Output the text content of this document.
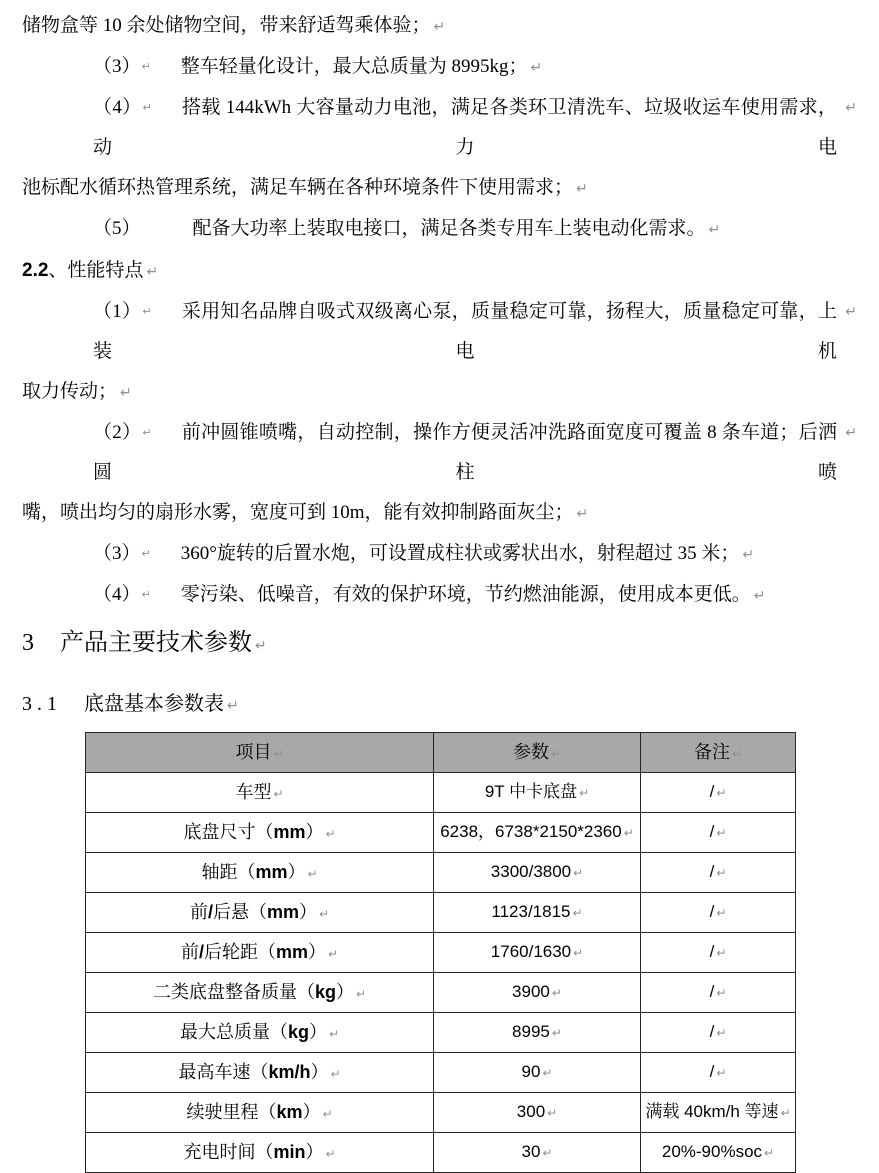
储物盒等 10 余处储物空间，带来舒适驾乘体验； ↵
（3）↵ 整车轻量化设计，最大总质量为 8995kg； ↵
（4）↵ 搭载 144kWh 大容量动力电池，满足各类环卫清洗车、垃圾收运车使用需求，动力电
↵
池标配水循环热管理系统，满足车辆在各种环境条件下使用需求； ↵
（5）	配备大功率上装取电接口，满足各类专用车上装电动化需求。 ↵
2.2、性能特点 ↵
（1）↵ 采用知名品牌自吸式双级离心泵，质量稳定可靠，扬程大，质量稳定可靠，上装电机
↵
取力传动； ↵
（2）↵ 前冲圆锥喷嘴，自动控制，操作方便灵活冲洗路面宽度可覆盖 8 条车道；后洒圆柱喷
↵
嘴，喷出均匀的扇形水雾，宽度可到 10m，能有效抑制路面灰尘； ↵
（3）↵ 360°旋转的后置水炮，可设置成柱状或雾状出水，射程超过 35 米； ↵
（4）↵ 零污染、低噪音，有效的保护环境，节约燃油能源，使用成本更低。 ↵
3 产品主要技术参数 ↵
3.1 底盘基本参数表 ↵
项目 ↵	参数 ↵	备注 ↵
车型 ↵	9T 中卡底盘 ↵	/ ↵
底盘尺寸（mm） ↵	6238，6738*2150*2360 ↵	/ ↵
轴距（mm） ↵	3300/3800 ↵	/ ↵
前/后悬（mm） ↵	1123/1815 ↵	/ ↵
前/后轮距（mm） ↵	1760/1630 ↵	/ ↵
二类底盘整备质量（kg） ↵	3900 ↵	/ ↵
最大总质量（kg） ↵	8995 ↵	/ ↵
最高车速（km/h） ↵	90 ↵	/ ↵
续驶里程（km） ↵	300 ↵	满载 40km/h 等速 ↵
充电时间（min） ↵	30 ↵	20%-90%soc ↵
